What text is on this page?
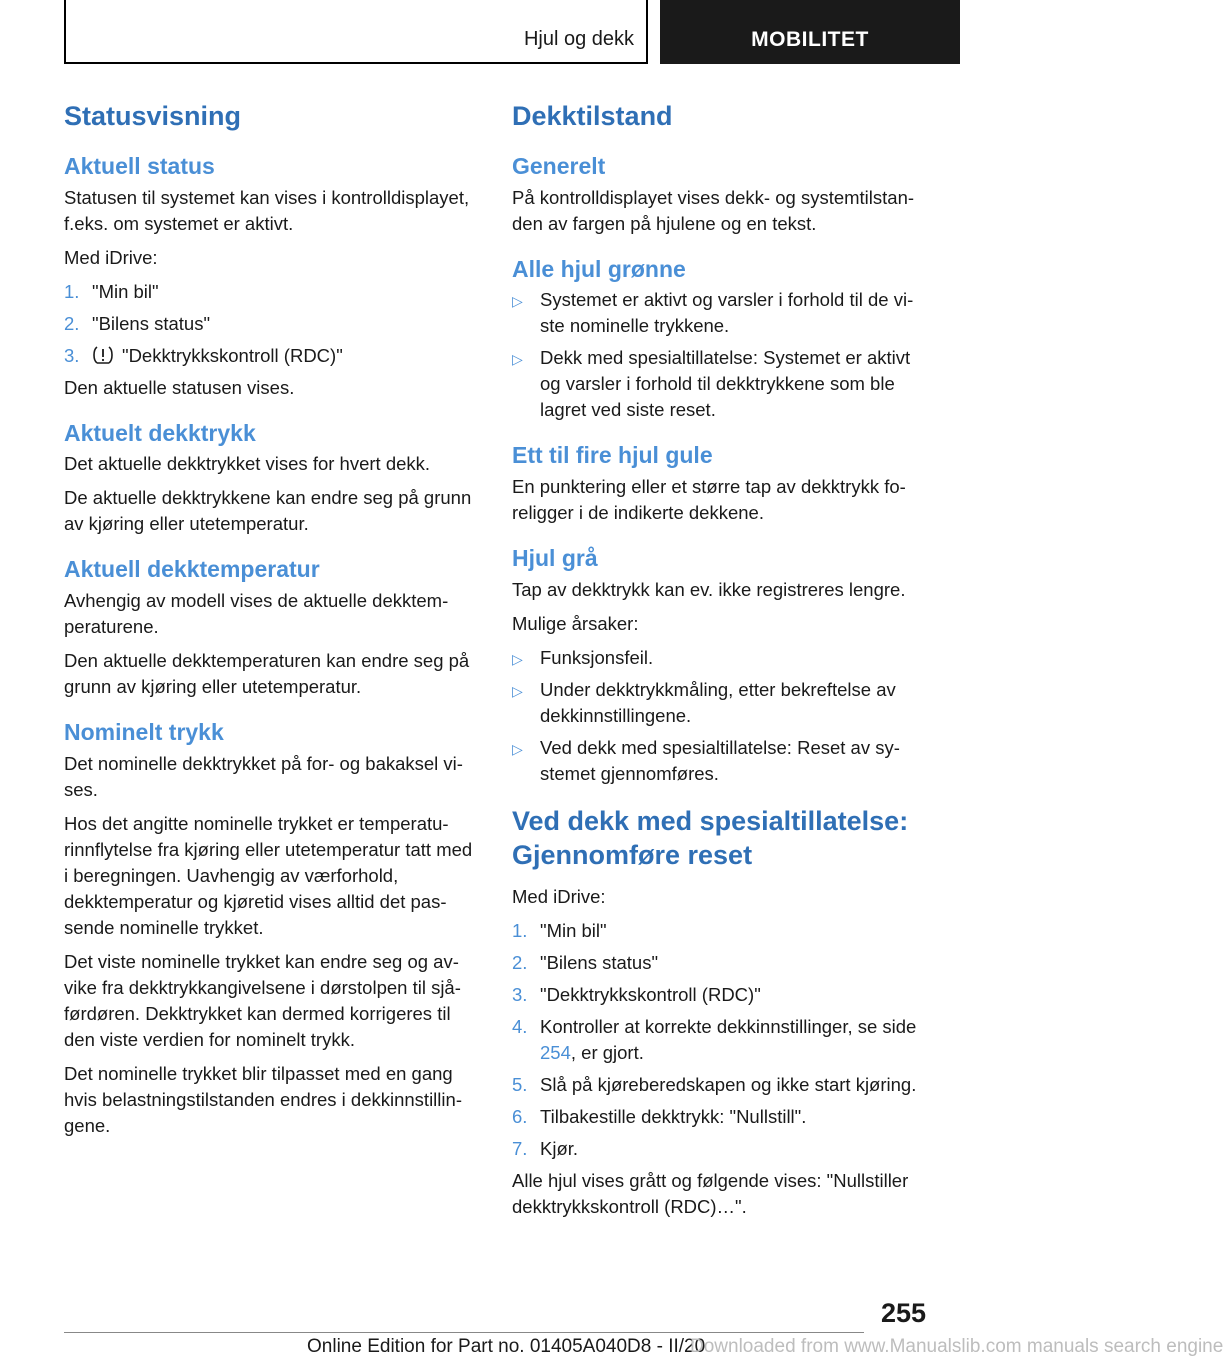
Hjul og dekk	MOBILITET
Statusvisning
Aktuell status

Statusen til systemet kan vises i kontrolldisplayet, f.eks. om systemet er aktivt.

Med iDrive:

1. "Min bil"
2. "Bilens status"
3. "Dekktrykkskontroll (RDC)"

Den aktuelle statusen vises.

Aktuelt dekktrykk

Det aktuelle dekktrykket vises for hvert dekk.

De aktuelle dekktrykkene kan endre seg på grunn av kjøring eller utetemperatur.

Aktuell dekktemperatur

Avhengig av modell vises de aktuelle dekktemperaturene.

Den aktuelle dekktemperaturen kan endre seg på grunn av kjøring eller utetemperatur.

Nominelt trykk

Det nominelle dekktrykket på for- og bakaksel vises.

Hos det angitte nominelle trykket er temperaturinnflytelse fra kjøring eller utetemperatur tatt med i beregningen. Uavhengig av værforhold, dekktemperatur og kjøretid vises alltid det passende nominelle trykket.

Det viste nominelle trykket kan endre seg og avvike fra dekktrykkangivelsene i dørstolpen til sjåførdøren. Dekktrykket kan dermed korrigeres til den viste verdien for nominelt trykk.

Det nominelle trykket blir tilpasset med en gang hvis belastningstilstanden endres i dekkinnstillingene.

Dekktilstand
Generelt

På kontrolldisplayet vises dekk- og systemtilstanden av fargen på hjulene og en tekst.

Alle hjul grønne
▷ Systemet er aktivt og varsler i forhold til de viste nominelle trykkene.
▷ Dekk med spesialtillatelse: Systemet er aktivt og varsler i forhold til dekktrykkene som ble lagret ved siste reset.
Ett til fire hjul gule

En punktering eller et større tap av dekktrykk foreligger i de indikerte dekkene.

Hjul grå

Tap av dekktrykk kan ev. ikke registreres lengre.

Mulige årsaker:

▷ Funksjonsfeil.
▷ Under dekktrykkmåling, etter bekreftelse av dekkinnstillingene.
▷ Ved dekk med spesialtillatelse: Reset av systemet gjennomføres.
Ved dekk med spesialtillatelse: Gjennomføre reset

Med iDrive:

1. "Min bil"
2. "Bilens status"
3. "Dekktrykkskontroll (RDC)"
4. Kontroller at korrekte dekkinnstillinger, se side 254, er gjort.
5. Slå på kjøreberedskapen og ikke start kjøring.
6. Tilbakestille dekktrykk: "Nullstill".
7. Kjør.

Alle hjul vises grått og følgende vises: "Nullstiller dekktrykkskontroll (RDC)…".

255
Online Edition for Part no. 01405A040D8 - II/20
Downloaded from www.Manualslib.com manuals search engine
